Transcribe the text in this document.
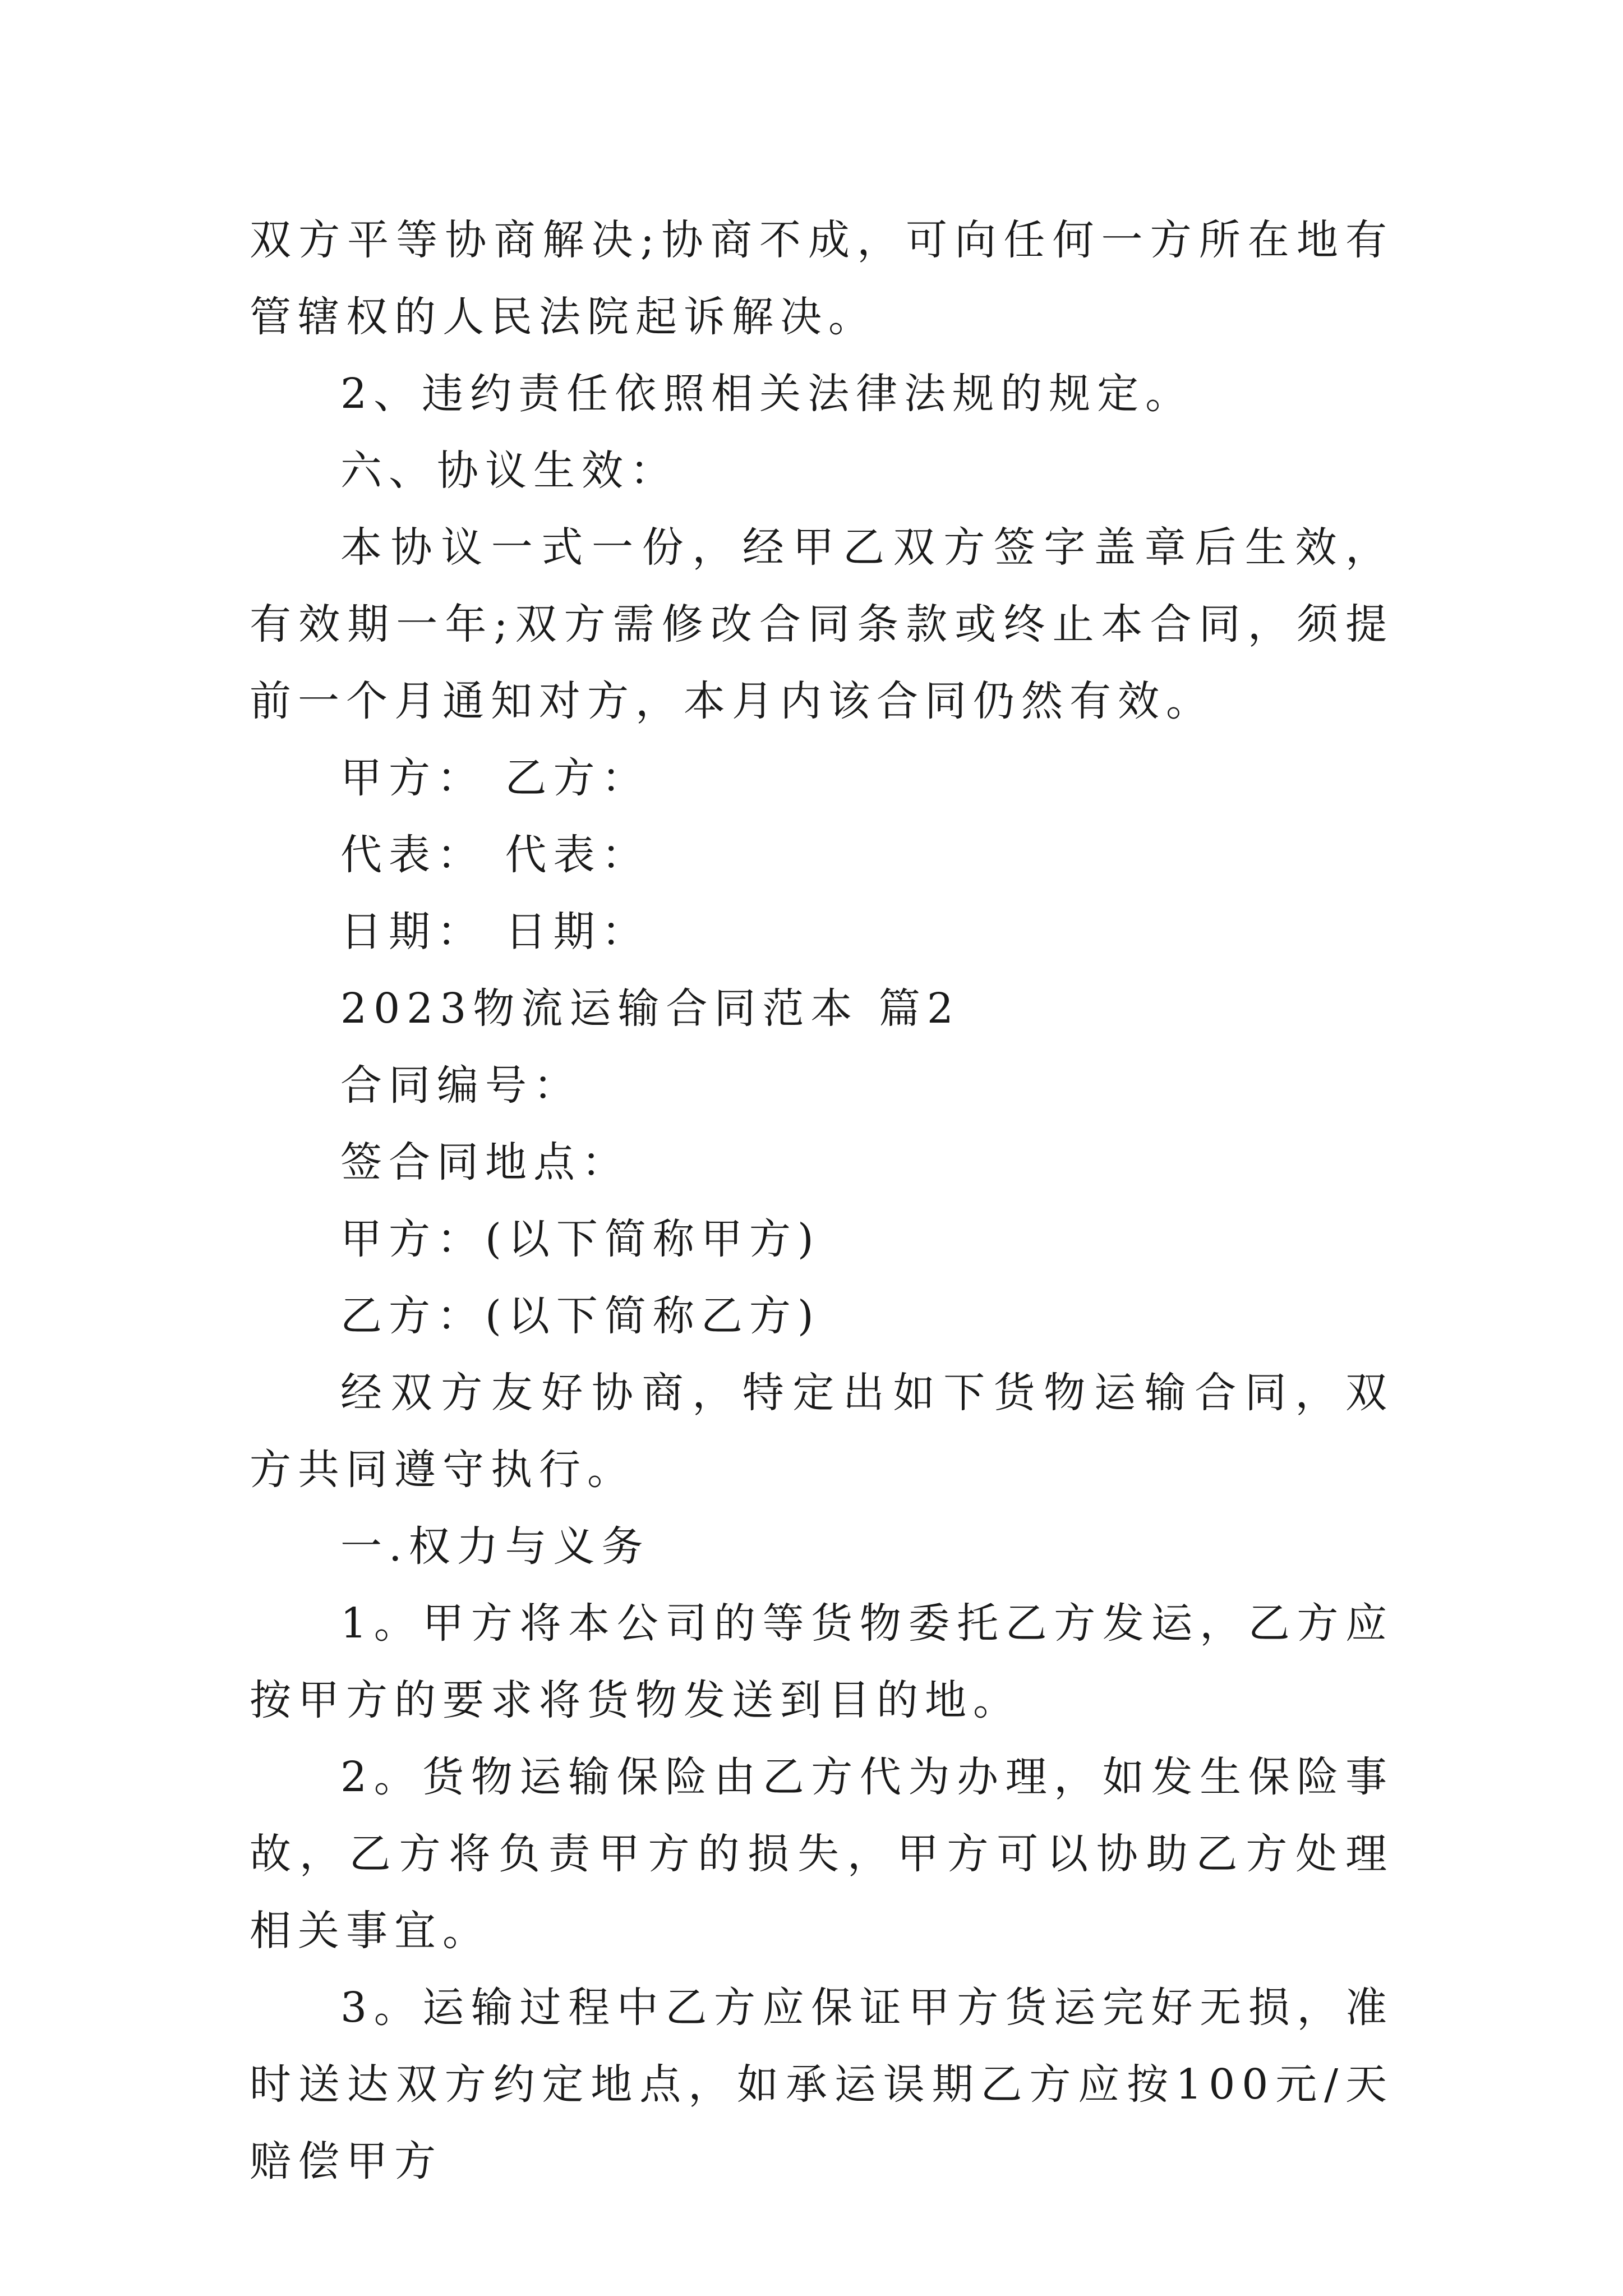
双方平等协商解决;协商不成，可向任何一方所在地有管辖权的人民法院起诉解决。

2、违约责任依照相关法律法规的规定。

六、协议生效：

本协议一式一份，经甲乙双方签字盖章后生效，有效期一年;双方需修改合同条款或终止本合同，须提前一个月通知对方，本月内该合同仍然有效。

甲方： 乙方：

代表： 代表：

日期： 日期：

2023物流运输合同范本 篇2

合同编号：

签合同地点：

甲方：(以下简称甲方)

乙方：(以下简称乙方)

经双方友好协商，特定出如下货物运输合同，双方共同遵守执行。

一.权力与义务

1。甲方将本公司的等货物委托乙方发运，乙方应按甲方的要求将货物发送到目的地。

2。货物运输保险由乙方代为办理，如发生保险事故，乙方将负责甲方的损失，甲方可以协助乙方处理相关事宜。

3。运输过程中乙方应保证甲方货运完好无损，准时送达双方约定地点，如承运误期乙方应按100元/天赔偿甲方
